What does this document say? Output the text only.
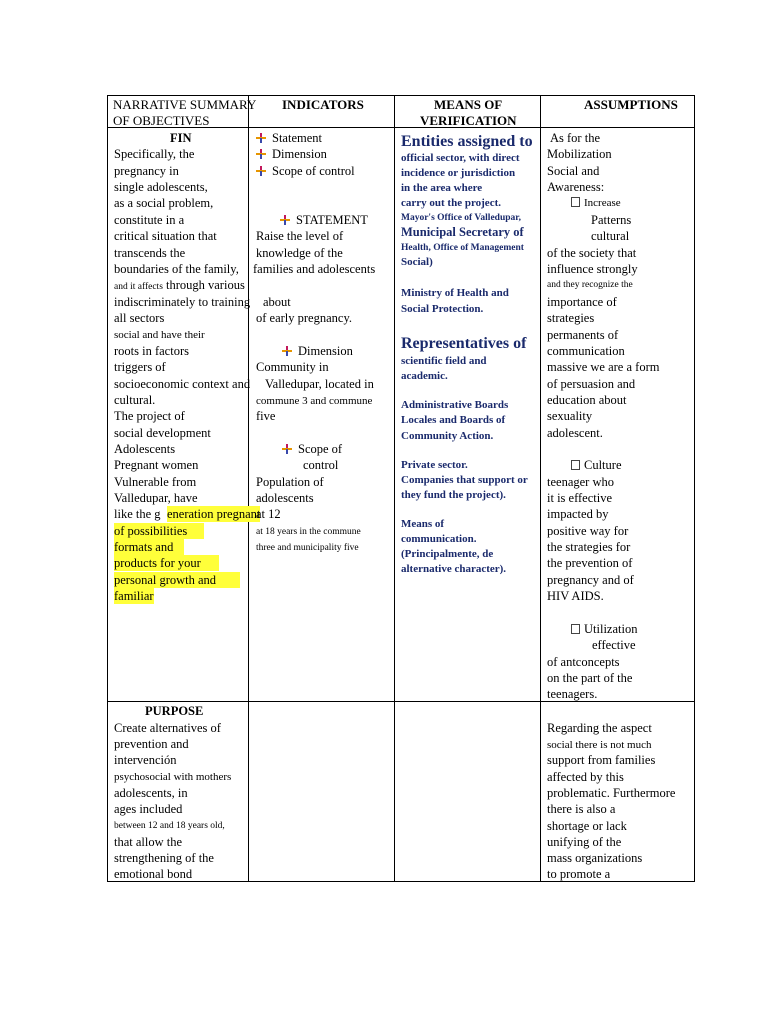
NARRATIVE SUMMARY
OF OBJECTIVES
INDICATORS	MEANS OF
VERIFICATION
ASSUMPTIONS
FIN
Specifically, the
pregnancy in
single adolescents,
as a social problem,
constitute in a
critical situation that
transcends the
boundaries of the family,
and it affects through various
indiscriminately to training
all sectors
social and have their
roots in factors
triggers of
socioeconomic context and
cultural.
The project of
social development
Adolescents
Pregnant women
Vulnerable from
Valledupar, have
like the g eneration pregnant
of possibilities
formats and
products for your
personal growth and
familiar
Statement
Dimension
Scope of control
STATEMENT
Raise the level of
knowledge of the
families and adolescents
about
of early pregnancy.
Dimension
Community in
Valledupar, located in
commune 3 and commune
five
Scope of
control
Population of
adolescents
at 12
at 18 years in the commune
three and municipality five
Entities assigned to
official sector, with direct
incidence or jurisdiction
in the area where
carry out the project.
Mayor's Office of Valledupar,
Municipal Secretary of
Health, Office of Management
Social)
Ministry of Health and
Social Protection.
Representatives of
scientific field and
academic.
Administrative Boards
Locales and Boards of
Community Action.
Private sector.
Companies that support or
they fund the project).
Means of
communication.
(Principalmente, de
alternative character).
As for the
Mobilization
Social and
Awareness:
Increase
Patterns
cultural
of the society that
influence strongly
and they recognize the
importance of
strategies
permanents of
communication
massive we are a form
of persuasion and
education about
sexuality
adolescent.
Culture
teenager who
it is effective
impacted by
positive way for
the strategies for
the prevention of
pregnancy and of
HIV AIDS.
Utilization
effective
of antconcepts
on the part of the
teenagers.
PURPOSE
Create alternatives of
prevention and
intervención
psychosocial with mothers
adolescents, in
ages included
between 12 and 18 years old,
that allow the
strengthening of the
emotional bond
Regarding the aspect
social there is not much
support from families
affected by this
problematic. Furthermore
there is also a
shortage or lack
unifying of the
mass organizations
to promote a
